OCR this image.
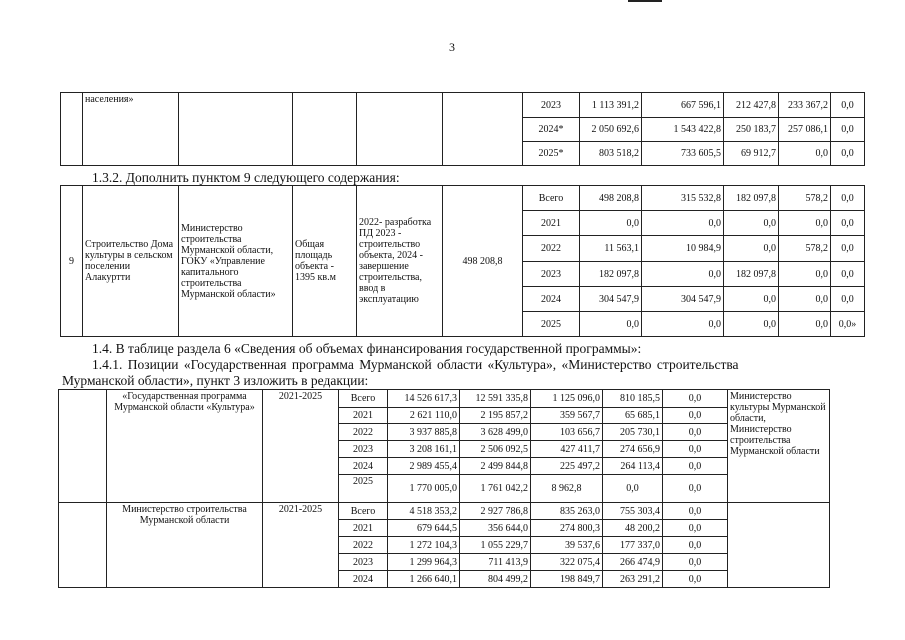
3
	населения»					2023	1 113 391,2	667 596,1	212 427,8	233 367,2	0,0
						2024*	2 050 692,6	1 543 422,8	250 183,7	257 086,1	0,0
						2025*	803 518,2	733 605,5	69 912,7	0,0	0,0
1.3.2. Дополнить пунктом 9 следующего содержания:
9	Строительство Дома культуры в сельском поселении Алакуртти	Министерство строительства Мурманской области, ГОКУ «Управление капитального строительства Мурманской области»	Общая площадь объекта - 1395 кв.м	2022- разработка ПД 2023 - строительство объекта, 2024 - завершение строительства, ввод в эксплуатацию	498 208,8	Всего	498 208,8	315 532,8	182 097,8	578,2	0,0
						2021	0,0	0,0	0,0	0,0	0,0
						2022	11 563,1	10 984,9	0,0	578,2	0,0
						2023	182 097,8	0,0	182 097,8	0,0	0,0
						2024	304 547,9	304 547,9	0,0	0,0	0,0
						2025	0,0	0,0	0,0	0,0	0,0»
1.4. В таблице раздела 6 «Сведения об объемах финансирования государственной программы»:
1.4.1. Позиции «Государственная программа Мурманской области «Культура», «Министерство строительства
Мурманской области», пункт 3 изложить в редакции:
	«Государственная программа Мурманской области «Культура»	2021-2025	Всего	14 526 617,3	12 591 335,8	1 125 096,0	810 185,5	0,0	Министерство культуры Мурманской области, Министерство строительства Мурманской области
			2021	2 621 110,0	2 195 857,2	359 567,7	65 685,1	0,0	
			2022	3 937 885,8	3 628 499,0	103 656,7	205 730,1	0,0	
			2023	3 208 161,1	2 506 092,5	427 411,7	274 656,9	0,0	
			2024	2 989 455,4	2 499 844,8	225 497,2	264 113,4	0,0	
			2025	1 770 005,0	1 761 042,2	8 962,8	0,0	0,0	
	Министерство строительства Мурманской области	2021-2025	Всего	4 518 353,2	2 927 786,8	835 263,0	755 303,4	0,0	
			2021	679 644,5	356 644,0	274 800,3	48 200,2	0,0	
			2022	1 272 104,3	1 055 229,7	39 537,6	177 337,0	0,0	
			2023	1 299 964,3	711 413,9	322 075,4	266 474,9	0,0	
			2024	1 266 640,1	804 499,2	198 849,7	263 291,2	0,0	
